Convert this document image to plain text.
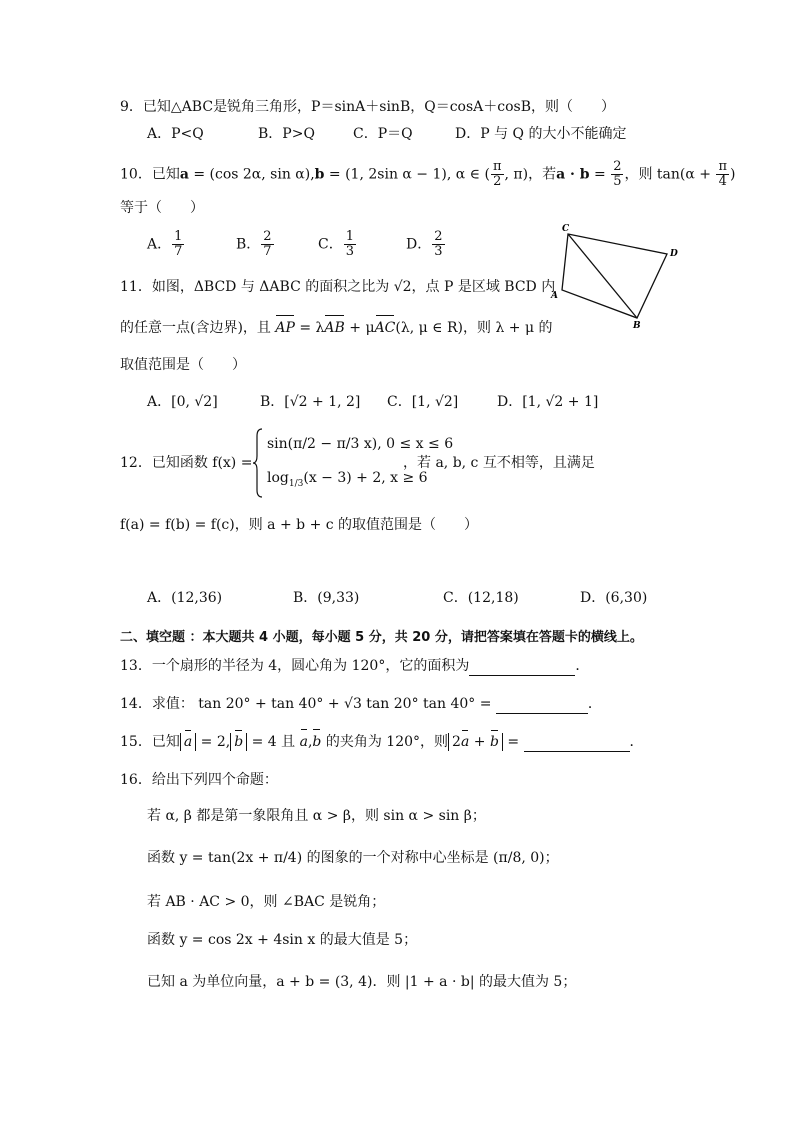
9．已知△ABC是锐角三角形，P＝sinA＋sinB，Q＝cosA＋cosB，则（　　）
A．P<Q	B．P>Q	C．P＝Q	D．P 与 Q 的大小不能确定
10．已知a = (cos 2α, sin α),b = (1, 2sin α − 1), α ∈ ( $\frac{\pi}{2}$ , π)，若$a \cdot b = \frac{2}{5}$ ，则 $\tan(\alpha + \frac{\pi}{4}$ )
等于（　　）
A． $\frac{1}{7}$	B． $\frac{2}{7}$	C． $\frac{1}{3}$	D． $\frac{2}{3}$
C
D
A
B
11．如图，ΔBCD 与 ΔABC 的面积之比为 √2，点 P 是区域 BCD 内
的任意一点(含边界)，且 AP = λAB + μAC(λ, μ ∈ R)，则 λ + μ 的
取值范围是（　　）
A．[0, √2]	B．[√2 + 1, 2] C．[1, √2]	D．[1, √2 + 1]
12．已知函数 f(x) =
sin(π/2 − π/3 x), 0 ≤ x ≤ 6
$\log_{1/3}(x - 3) + 2$, x ≥ 6
，若 a, b, c 互不相等，且满足
f(a) = f(b) = f(c)，则 a + b + c 的取值范围是（　　）
A．(12,36)	B．(9,33)	C．(12,18)	D．(6,30)
二、填空题 ：本大题共 4 小题，每小题 5 分，共 20 分，请把答案填在答题卡的横线上。
13．一个扇形的半径为 4，圆心角为 120°，它的面积为	．
14．求值： tan 20° + tan 40° + √3 tan 20° tan 40° =	．
15．已知 a = 2, b = 4 且 a,b 的夹角为 120°，则 2a + b =	．
16．给出下列四个命题：
若 α, β 都是第一象限角且 α > β，则 sin α > sin β；
函数 y = tan(2x + π/4) 的图象的一个对称中心坐标是 (π/8, 0)；
若 AB · AC > 0，则 ∠BAC 是锐角；
函数 y = cos 2x + 4sin x 的最大值是 5；
已知 a 为单位向量，a + b = (3, 4)．则 |1 + a · b| 的最大值为 5；
